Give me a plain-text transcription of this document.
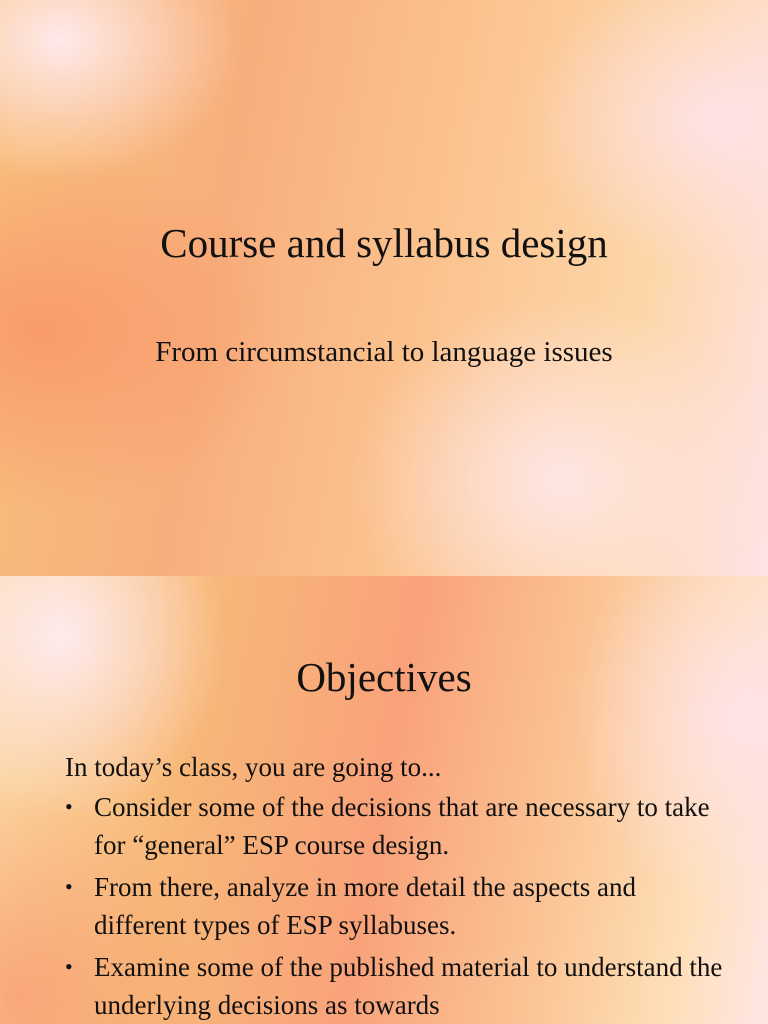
Course and syllabus design

From circumstancial to language issues

Objectives

In today’s class, you are going to...

• Consider some of the decisions that are necessary to take for “general” ESP course design.
• From there, analyze in more detail the aspects and different types of ESP syllabuses.
• Examine some of the published material to understand the underlying decisions as towards
